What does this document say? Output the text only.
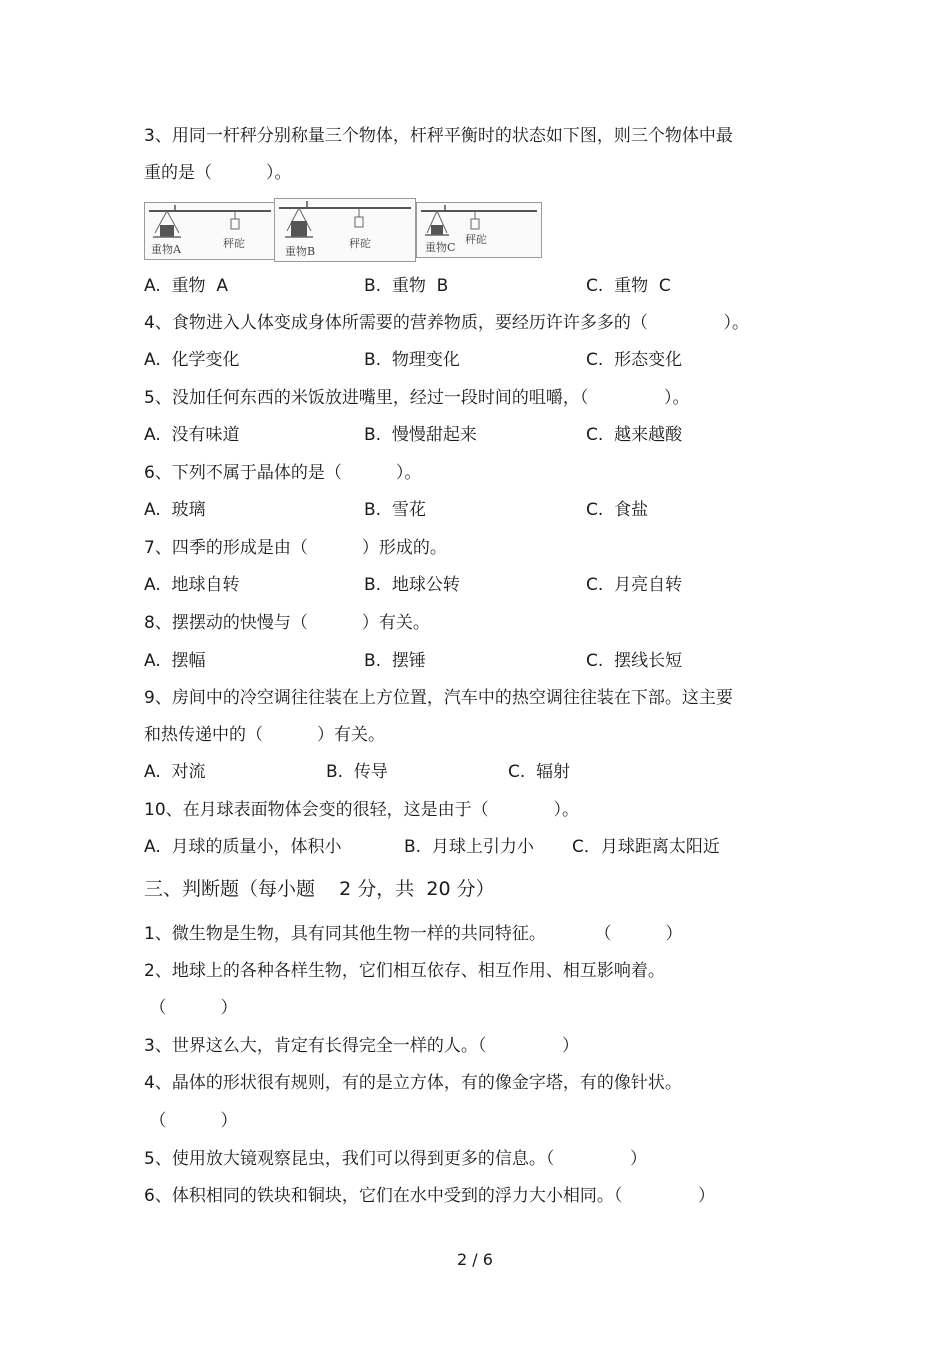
3、用同一杆秤分别称量三个物体，杆秤平衡时的状态如下图，则三个物体中最
重的是（          ）。
重物A	秤砣
重物B
秤砣	重物C
秤砣
A.  重物  A	B.  重物  B	C.  重物  C
4、食物进入人体变成身体所需要的营养物质，要经历许许多多的（              ）。
A.  化学变化	B.  物理变化	C.  形态变化
5、没加任何东西的米饭放进嘴里，经过一段时间的咀嚼，（              ）。
A.  没有味道	B.  慢慢甜起来	C.  越来越酸
6、下列不属于晶体的是（          ）。
A.  玻璃	B.  雪花	C.  食盐
7、四季的形成是由（          ）形成的。
A.  地球自转	B.  地球公转	C.  月亮自转
8、摆摆动的快慢与（          ）有关。
A.  摆幅	B.  摆锤	C.  摆线长短
9、房间中的冷空调往往装在上方位置，汽车中的热空调往往装在下部。这主要
和热传递中的（          ）有关。
A.  对流	B.  传导	C.  辐射
10、在月球表面物体会变的很轻，这是由于（            ）。
A.  月球的质量小，体积小	B.  月球上引力小 C．月球距离太阳近
三、判断题（每小题    2 分，共  20 分）
1、微生物是生物，具有同其他生物一样的共同特征。         （          ）
2、地球上的各种各样生物，它们相互依存、相互作用、相互影响着。
（          ）
3、世界这么大，肯定有长得完全一样的人。（              ）
4、晶体的形状很有规则，有的是立方体，有的像金字塔，有的像针状。
（          ）
5、使用放大镜观察昆虫，我们可以得到更多的信息。（              ）
6、体积相同的铁块和铜块，它们在水中受到的浮力大小相同。（              ）
2 / 6
